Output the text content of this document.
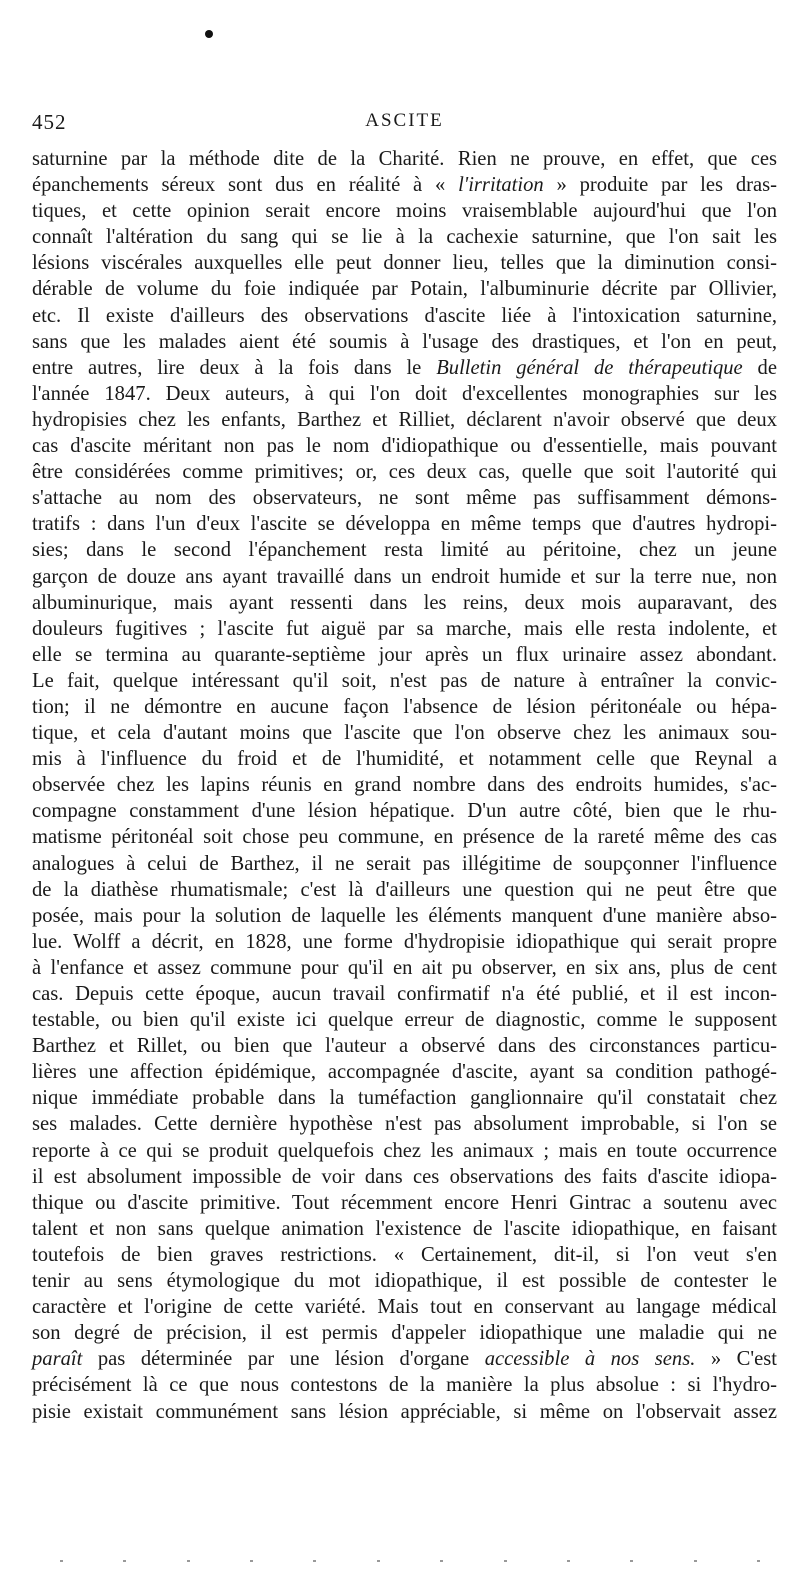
452	ASCITE
saturnine par la méthode dite de la Charité. Rien ne prouve, en effet, que ces
épanchements séreux sont dus en réalité à « l'irritation » produite par les dras-
tiques, et cette opinion serait encore moins vraisemblable aujourd'hui que l'on
connaît l'altération du sang qui se lie à la cachexie saturnine, que l'on sait les
lésions viscérales auxquelles elle peut donner lieu, telles que la diminution consi-
dérable de volume du foie indiquée par Potain, l'albuminurie décrite par Ollivier,
etc. Il existe d'ailleurs des observations d'ascite liée à l'intoxication saturnine,
sans que les malades aient été soumis à l'usage des drastiques, et l'on en peut,
entre autres, lire deux à la fois dans le Bulletin général de thérapeutique de
l'année 1847. Deux auteurs, à qui l'on doit d'excellentes monographies sur les
hydropisies chez les enfants, Barthez et Rilliet, déclarent n'avoir observé que deux
cas d'ascite méritant non pas le nom d'idiopathique ou d'essentielle, mais pouvant
être considérées comme primitives; or, ces deux cas, quelle que soit l'autorité qui
s'attache au nom des observateurs, ne sont même pas suffisamment démons-
tratifs : dans l'un d'eux l'ascite se développa en même temps que d'autres hydropi-
sies; dans le second l'épanchement resta limité au péritoine, chez un jeune
garçon de douze ans ayant travaillé dans un endroit humide et sur la terre nue, non
albuminurique, mais ayant ressenti dans les reins, deux mois auparavant, des
douleurs fugitives ; l'ascite fut aiguë par sa marche, mais elle resta indolente, et
elle se termina au quarante-septième jour après un flux urinaire assez abondant.
Le fait, quelque intéressant qu'il soit, n'est pas de nature à entraîner la convic-
tion; il ne démontre en aucune façon l'absence de lésion péritonéale ou hépa-
tique, et cela d'autant moins que l'ascite que l'on observe chez les animaux sou-
mis à l'influence du froid et de l'humidité, et notamment celle que Reynal a
observée chez les lapins réunis en grand nombre dans des endroits humides, s'ac-
compagne constamment d'une lésion hépatique. D'un autre côté, bien que le rhu-
matisme péritonéal soit chose peu commune, en présence de la rareté même des cas
analogues à celui de Barthez, il ne serait pas illégitime de soupçonner l'influence
de la diathèse rhumatismale; c'est là d'ailleurs une question qui ne peut être que
posée, mais pour la solution de laquelle les éléments manquent d'une manière abso-
lue. Wolff a décrit, en 1828, une forme d'hydropisie idiopathique qui serait propre
à l'enfance et assez commune pour qu'il en ait pu observer, en six ans, plus de cent
cas. Depuis cette époque, aucun travail confirmatif n'a été publié, et il est incon-
testable, ou bien qu'il existe ici quelque erreur de diagnostic, comme le supposent
Barthez et Rillet, ou bien que l'auteur a observé dans des circonstances particu-
lières une affection épidémique, accompagnée d'ascite, ayant sa condition pathogé-
nique immédiate probable dans la tuméfaction ganglionnaire qu'il constatait chez
ses malades. Cette dernière hypothèse n'est pas absolument improbable, si l'on se
reporte à ce qui se produit quelquefois chez les animaux ; mais en toute occurrence
il est absolument impossible de voir dans ces observations des faits d'ascite idiopa-
thique ou d'ascite primitive. Tout récemment encore Henri Gintrac a soutenu avec
talent et non sans quelque animation l'existence de l'ascite idiopathique, en faisant
toutefois de bien graves restrictions. « Certainement, dit-il, si l'on veut s'en
tenir au sens étymologique du mot idiopathique, il est possible de contester le
caractère et l'origine de cette variété. Mais tout en conservant au langage médical
son degré de précision, il est permis d'appeler idiopathique une maladie qui ne
paraît pas déterminée par une lésion d'organe accessible à nos sens. » C'est
précisément là ce que nous contestons de la manière la plus absolue : si l'hydro-
pisie existait communément sans lésion appréciable, si même on l'observait assez
